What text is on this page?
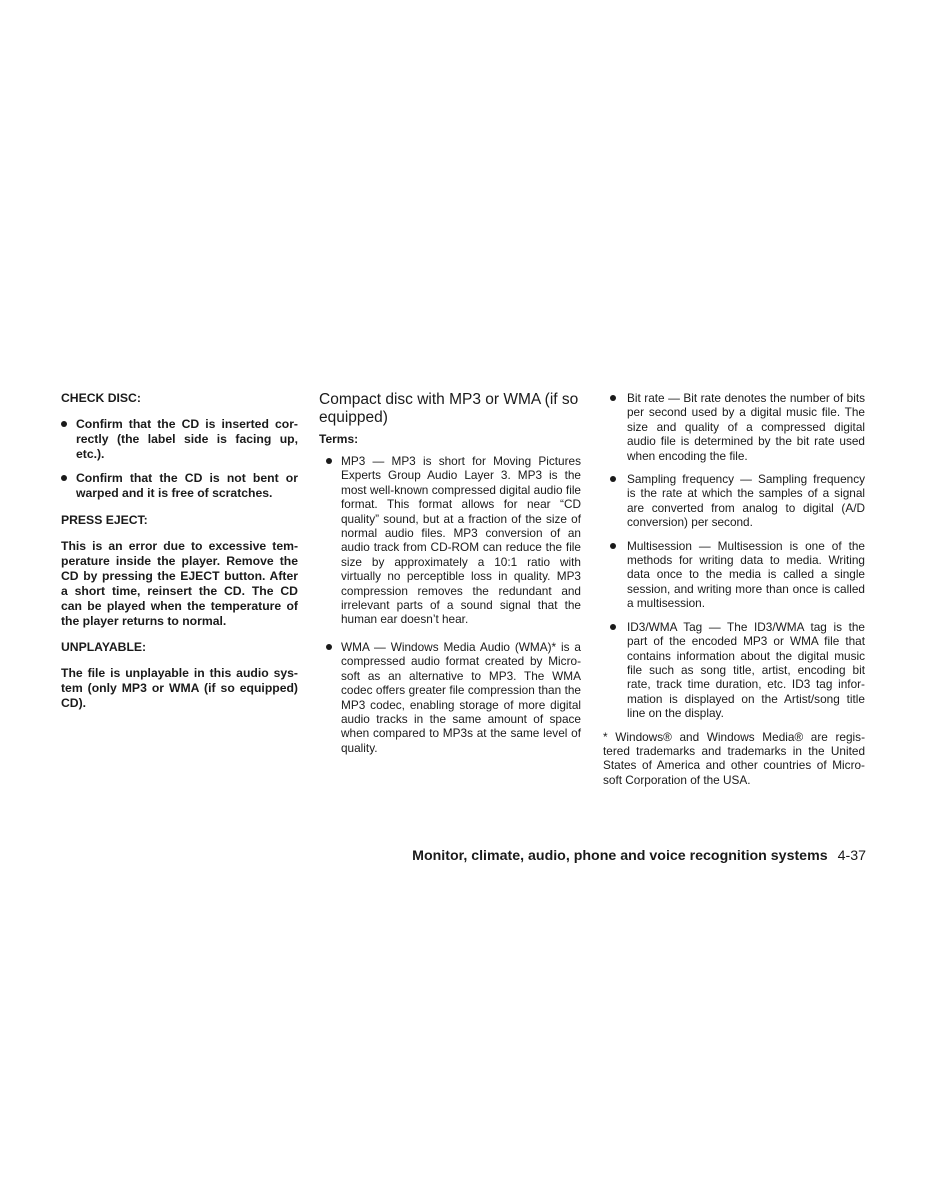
CHECK DISC:
Confirm that the CD is inserted cor-rectly (the label side is facing up, etc.).
Confirm that the CD is not bent or warped and it is free of scratches.
PRESS EJECT:
This is an error due to excessive tem-perature inside the player. Remove the CD by pressing the EJECT button. After a short time, reinsert the CD. The CD can be played when the temperature of the player returns to normal.
UNPLAYABLE:
The file is unplayable in this audio sys-tem (only MP3 or WMA (if so equipped) CD).
Compact disc with MP3 or WMA (if so equipped)
Terms:
MP3 — MP3 is short for Moving Pictures Experts Group Audio Layer 3. MP3 is the most well-known compressed digital audio file format. This format allows for near “CD quality” sound, but at a fraction of the size of normal audio files. MP3 conversion of an audio track from CD-ROM can reduce the file size by approximately a 10:1 ratio with virtually no perceptible loss in quality. MP3 compression removes the redundant and irrelevant parts of a sound signal that the human ear doesn’t hear.
WMA — Windows Media Audio (WMA)* is a compressed audio format created by Micro-soft as an alternative to MP3. The WMA codec offers greater file compression than the MP3 codec, enabling storage of more digital audio tracks in the same amount of space when compared to MP3s at the same level of quality.
Bit rate — Bit rate denotes the number of bits per second used by a digital music file. The size and quality of a compressed digital audio file is determined by the bit rate used when encoding the file.
Sampling frequency — Sampling frequency is the rate at which the samples of a signal are converted from analog to digital (A/D conversion) per second.
Multisession — Multisession is one of the methods for writing data to media. Writing data once to the media is called a single session, and writing more than once is called a multisession.
ID3/WMA Tag — The ID3/WMA tag is the part of the encoded MP3 or WMA file that contains information about the digital music file such as song title, artist, encoding bit rate, track time duration, etc. ID3 tag infor-mation is displayed on the Artist/song title line on the display.
* Windows® and Windows Media® are regis-tered trademarks and trademarks in the United States of America and other countries of Micro-soft Corporation of the USA.
Monitor, climate, audio, phone and voice recognition systems 4-37
